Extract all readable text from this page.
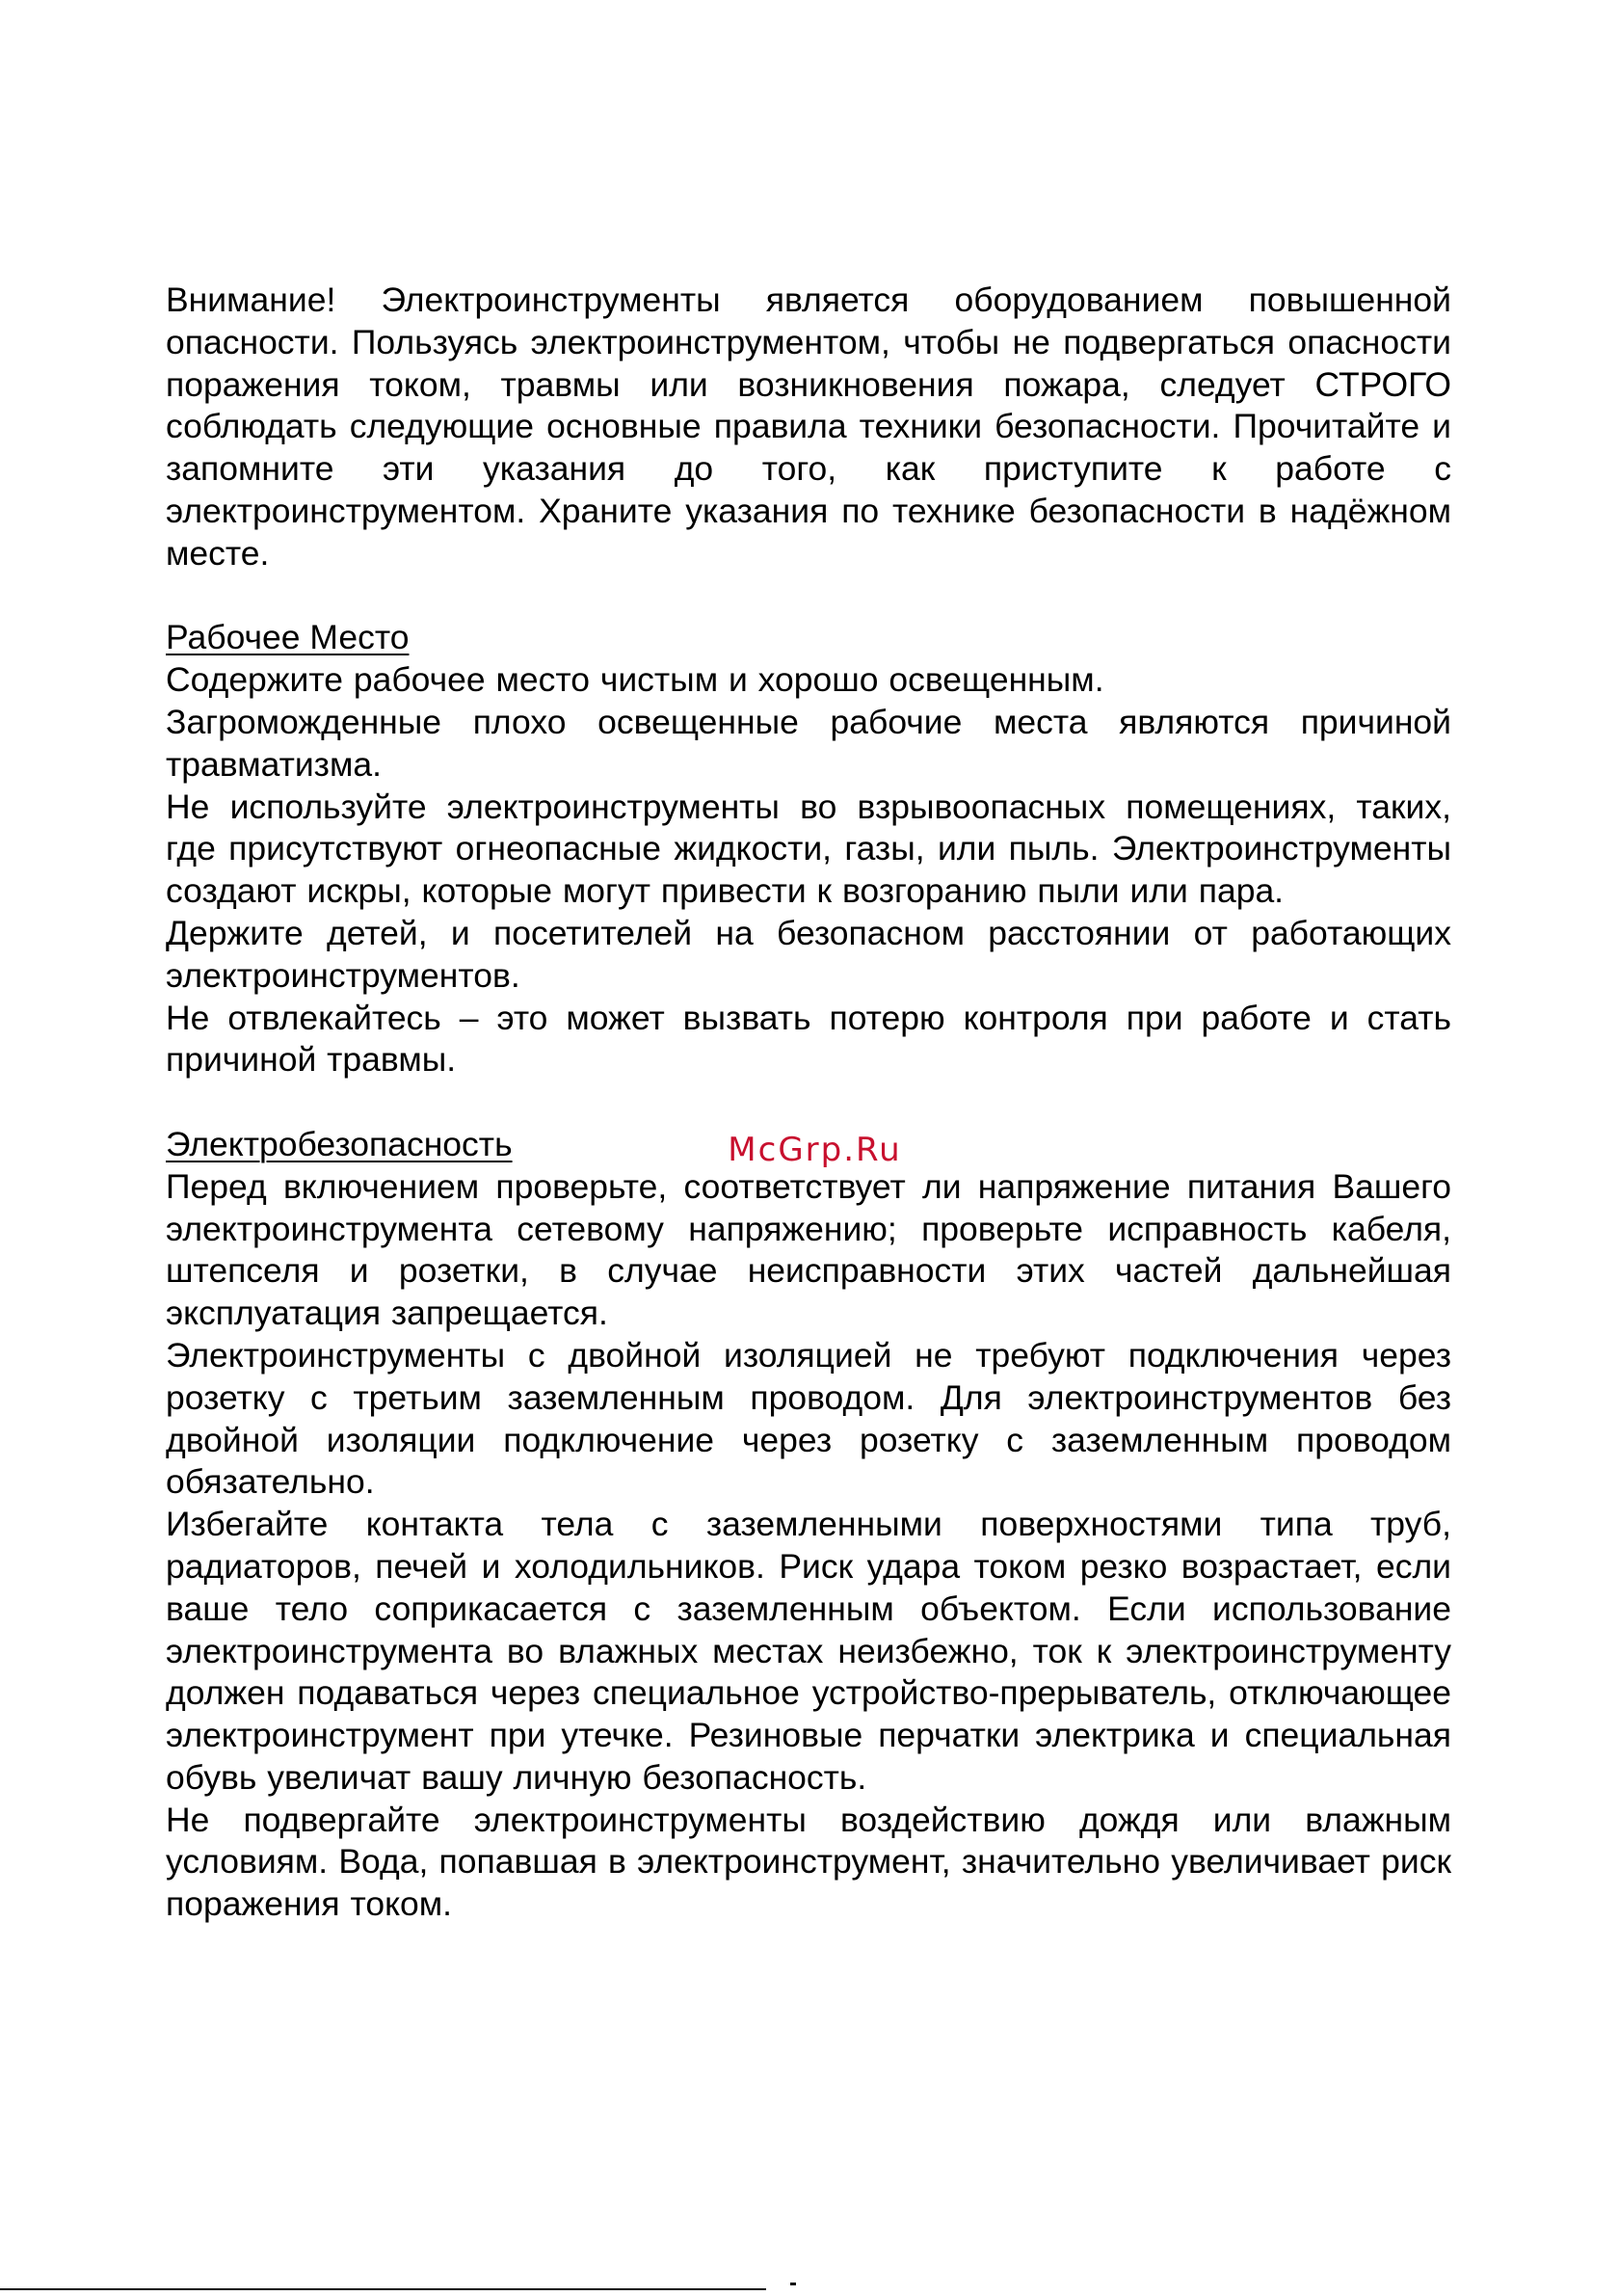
Внимание! Электроинструменты является оборудованием повышенной опасности. Пользуясь электроинструментом, чтобы не подвергаться опасности поражения током, травмы или возникновения пожара, следует СТРОГО соблюдать следующие основные правила техники безопасности. Прочитайте и запомните эти указания до того, как приступите к работе с электроинструментом. Храните указания по технике безопасности в надёжном месте.

Рабочее Место

Содержите рабочее место чистым и хорошо освещенным.

Загроможденные плохо освещенные рабочие места являются причиной травматизма.

Не используйте электроинструменты во взрывоопасных помещениях, таких, где присутствуют огнеопасные жидкости, газы, или пыль. Электроинструменты создают искры, которые могут привести к возгоранию пыли или пара.

Держите детей, и посетителей на безопасном расстоянии от работающих электроинструментов.

Не отвлекайтесь – это может вызвать потерю контроля при работе и стать причиной травмы.

Электробезопасность

Перед включением проверьте, соответствует ли напряжение питания Вашего электроинструмента сетевому напряжению; проверьте исправность кабеля, штепселя и розетки, в случае неисправности этих частей дальнейшая эксплуатация запрещается.

Электроинструменты с двойной изоляцией не требуют подключения через розетку с третьим заземленным проводом. Для электроинструментов без двойной изоляции подключение через розетку с заземленным проводом обязательно.

Избегайте контакта тела с заземленными поверхностями типа труб, радиаторов, печей и холодильников. Риск удара током резко возрастает, если ваше тело соприкасается с заземленным объектом. Если использование электроинструмента во влажных местах неизбежно, ток к электроинструменту должен подаваться через специальное устройство-прерыватель, отключающее электроинструмент при утечке. Резиновые перчатки электрика и специальная обувь увеличат вашу личную безопасность.

Не подвергайте электроинструменты воздействию дождя или влажным условиям. Вода, попавшая в электроинструмент, значительно увеличивает риск поражения током.

McGrp.Ru
